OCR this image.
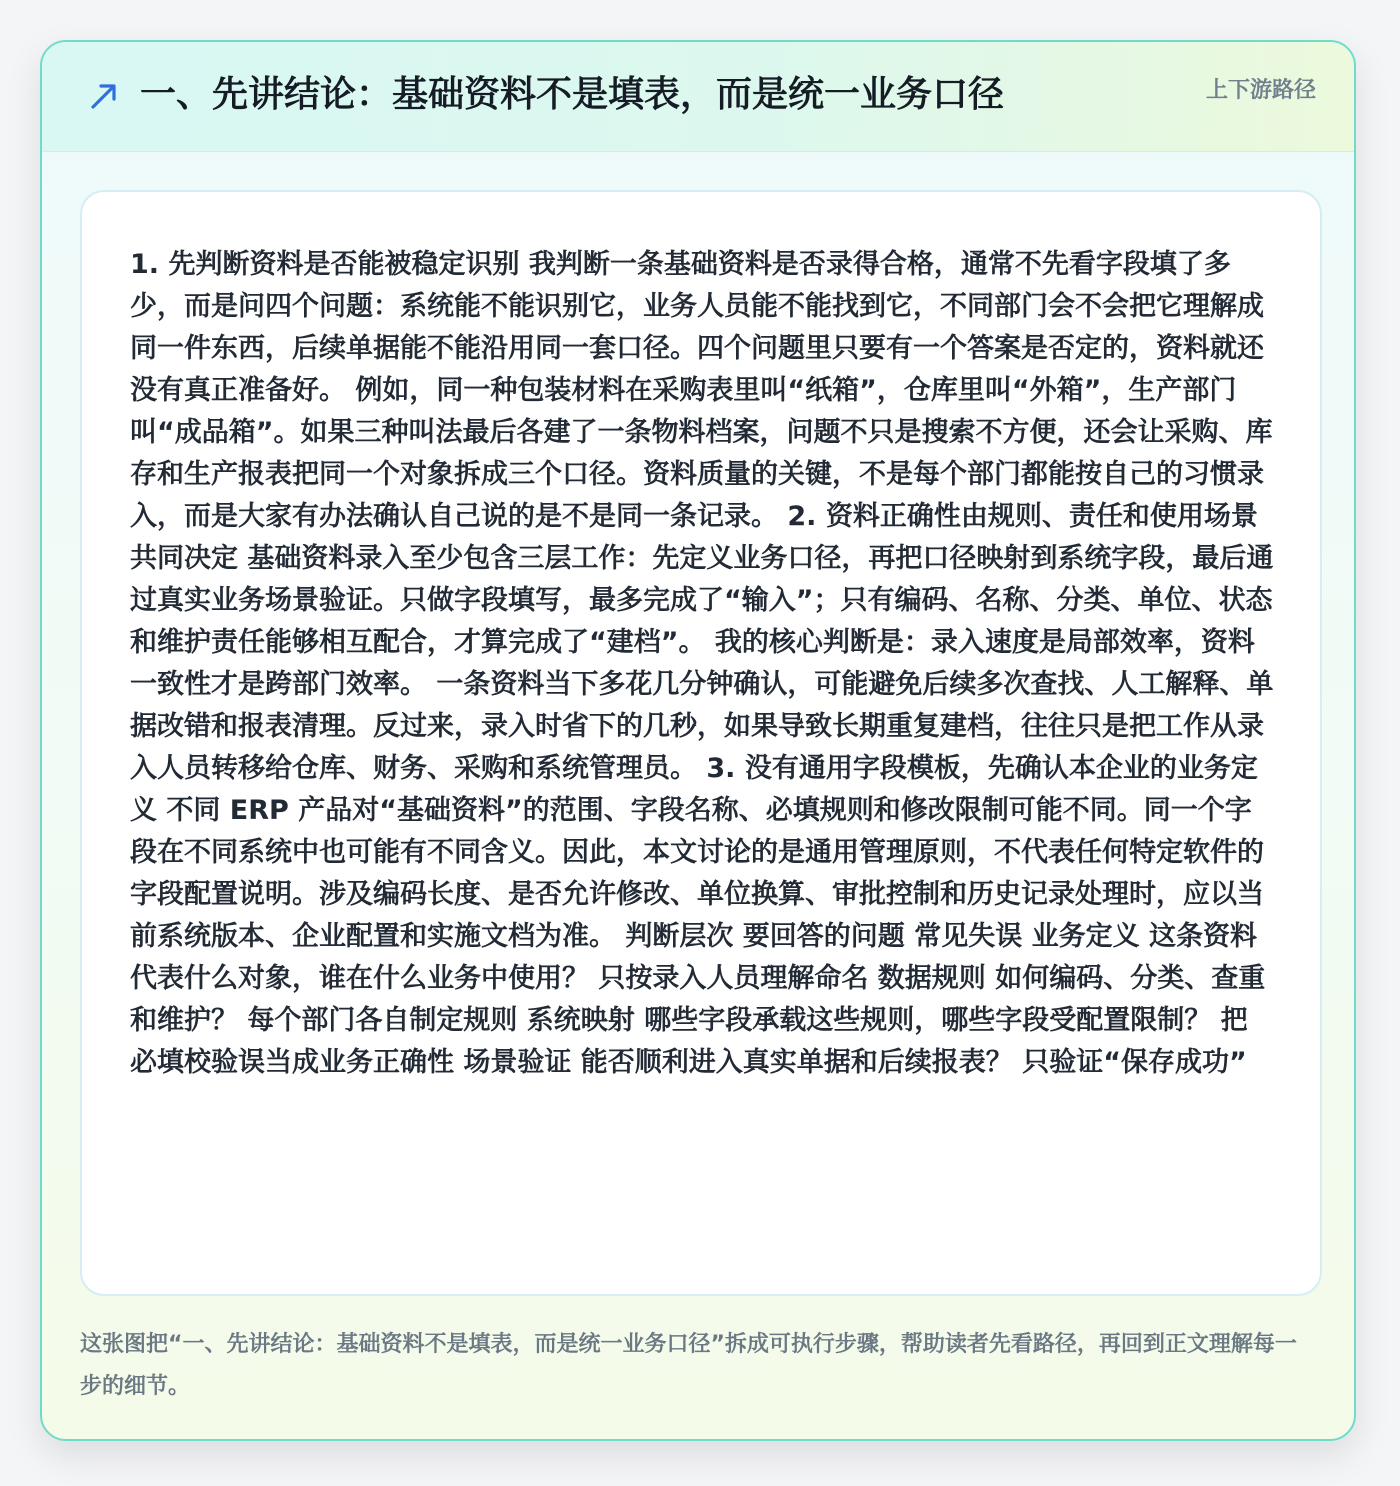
一、先讲结论：基础资料不是填表，而是统一业务口径	上下游路径

1. 先判断资料是否能被稳定识别 我判断一条基础资料是否录得合格，通常不先看字段填了多少，而是问四个问题：系统能不能识别它，业务人员能不能找到它，不同部门会不会把它理解成同一件东西，后续单据能不能沿用同一套口径。四个问题里只要有一个答案是否定的，资料就还没有真正准备好。 例如，同一种包装材料在采购表里叫“纸箱”，仓库里叫“外箱”，生产部门叫“成品箱”。如果三种叫法最后各建了一条物料档案，问题不只是搜索不方便，还会让采购、库存和生产报表把同一个对象拆成三个口径。资料质量的关键，不是每个部门都能按自己的习惯录入，而是大家有办法确认自己说的是不是同一条记录。 2. 资料正确性由规则、责任和使用场景共同决定 基础资料录入至少包含三层工作：先定义业务口径，再把口径映射到系统字段，最后通过真实业务场景验证。只做字段填写，最多完成了“输入”；只有编码、名称、分类、单位、状态和维护责任能够相互配合，才算完成了“建档”。 我的核心判断是：录入速度是局部效率，资料一致性才是跨部门效率。 一条资料当下多花几分钟确认，可能避免后续多次查找、人工解释、单据改错和报表清理。反过来，录入时省下的几秒，如果导致长期重复建档，往往只是把工作从录入人员转移给仓库、财务、采购和系统管理员。 3. 没有通用字段模板，先确认本企业的业务定义 不同 ERP 产品对“基础资料”的范围、字段名称、必填规则和修改限制可能不同。同一个字段在不同系统中也可能有不同含义。因此，本文讨论的是通用管理原则，不代表任何特定软件的字段配置说明。涉及编码长度、是否允许修改、单位换算、审批控制和历史记录处理时，应以当前系统版本、企业配置和实施文档为准。 判断层次 要回答的问题 常见失误 业务定义 这条资料代表什么对象，谁在什么业务中使用？ 只按录入人员理解命名 数据规则 如何编码、分类、查重和维护？ 每个部门各自制定规则 系统映射 哪些字段承载这些规则，哪些字段受配置限制？ 把必填校验误当成业务正确性 场景验证 能否顺利进入真实单据和后续报表？ 只验证“保存成功”

这张图把“一、先讲结论：基础资料不是填表，而是统一业务口径”拆成可执行步骤，帮助读者先看路径，再回到正文理解每一步的细节。
